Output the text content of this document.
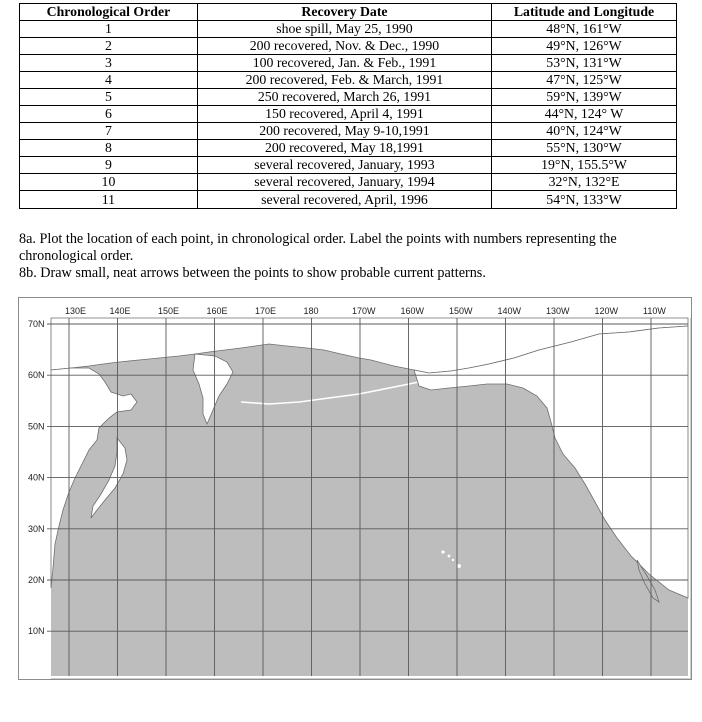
Chronological Order	Recovery Date	Latitude and Longitude
1	shoe spill, May 25, 1990	48°N, 161°W
2	200 recovered, Nov. & Dec., 1990	49°N, 126°W
3	100 recovered, Jan. & Feb., 1991	53°N, 131°W
4	200 recovered, Feb. & March, 1991	47°N, 125°W
5	250 recovered, March 26, 1991	59°N, 139°W
6	150 recovered, April 4, 1991	44°N, 124° W
7	200 recovered, May 9-10,1991	40°N, 124°W
8	200 recovered, May 18,1991	55°N, 130°W
9	several recovered, January, 1993	19°N, 155.5°W
10	several recovered, January, 1994	32°N, 132°E
11	several recovered, April, 1996	54°N, 133°W

8a. Plot the location of each point, in chronological order. Label the points with numbers representing the chronological order.

8b. Draw small, neat arrows between the points to show probable current patterns.

130E	140E	150E	160E	170E	180	170W	160W	150W	140W	130W	120W	110W
70N
60N
50N
40N
30N
20N
10N
